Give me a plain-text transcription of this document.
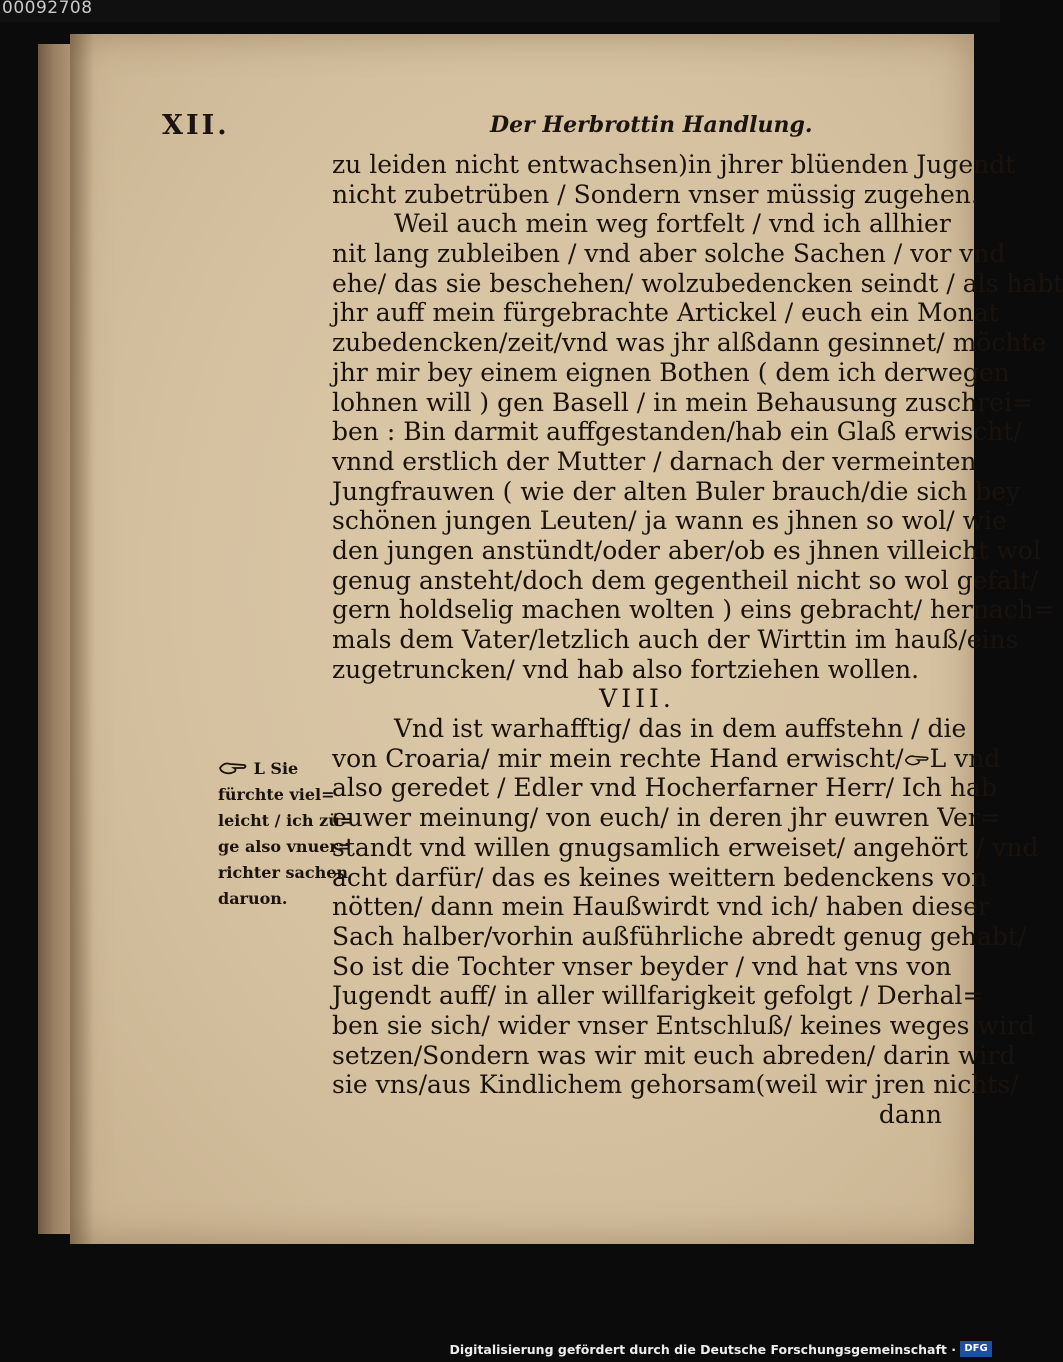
00092708
XII.	Der Herbrottin Handlung.
zu leiden nicht entwachsen)in jhrer blüenden Jugendt
nicht zubetrüben / Sondern vnser müssig zugehen.
Weil auch mein weg fortfelt / vnd ich allhier
nit lang zubleiben / vnd aber solche Sachen / vor vnd
ehe/ das sie beschehen/ wolzubedencken seindt / als habt
jhr auff mein fürgebrachte Artickel / euch ein Monat
zubedencken/zeit/vnd was jhr alßdann gesinnet/ möchte
jhr mir bey einem eignen Bothen ( dem ich derwegen
lohnen will ) gen Basell / in mein Behausung zuschrei=
ben : Bin darmit auffgestanden/hab ein Glaß erwischt/
vnnd erstlich der Mutter / darnach der vermeinten
Jungfrauwen ( wie der alten Buler brauch/die sich bey
schönen jungen Leuten/ ja wann es jhnen so wol/ wie
den jungen anstündt/oder aber/ob es jhnen villeicht wol
genug ansteht/doch dem gegentheil nicht so wol gefalt/
gern holdselig machen wolten ) eins gebracht/ hernach=
mals dem Vater/letzlich auch der Wirttin im hauß/eins
zugetruncken/ vnd hab also fortziehen wollen.
VIII.
Vnd ist warhafftig/ das in dem auffstehn / die
von Croaria/ mir mein rechte Hand erwischt/ L vnd
also geredet / Edler vnd Hocherfarner Herr/ Ich hab
euwer meinung/ von euch/ in deren jhr euwren Ver=
standt vnd willen gnugsamlich erweiset/ angehört / vnd
acht darfür/ das es keines weittern bedenckens von
nötten/ dann mein Haußwirdt vnd ich/ haben dieser
Sach halber/vorhin außführliche abredt genug gehabt/
So ist die Tochter vnser beyder / vnd hat vns von
Jugendt auff/ in aller willfarigkeit gefolgt / Derhal=
ben sie sich/ wider vnser Entschluß/ keines weges wird
setzen/Sondern was wir mit euch abreden/ darin wird
sie vns/aus Kindlichem gehorsam(weil wir jren nichts/
dann
L Sie
fürchte viel=
leicht / ich zü=
ge also vnuer=
richter sachen
daruon.
Digitalisierung gefördert durch die Deutsche Forschungsgemeinschaft · DFG
